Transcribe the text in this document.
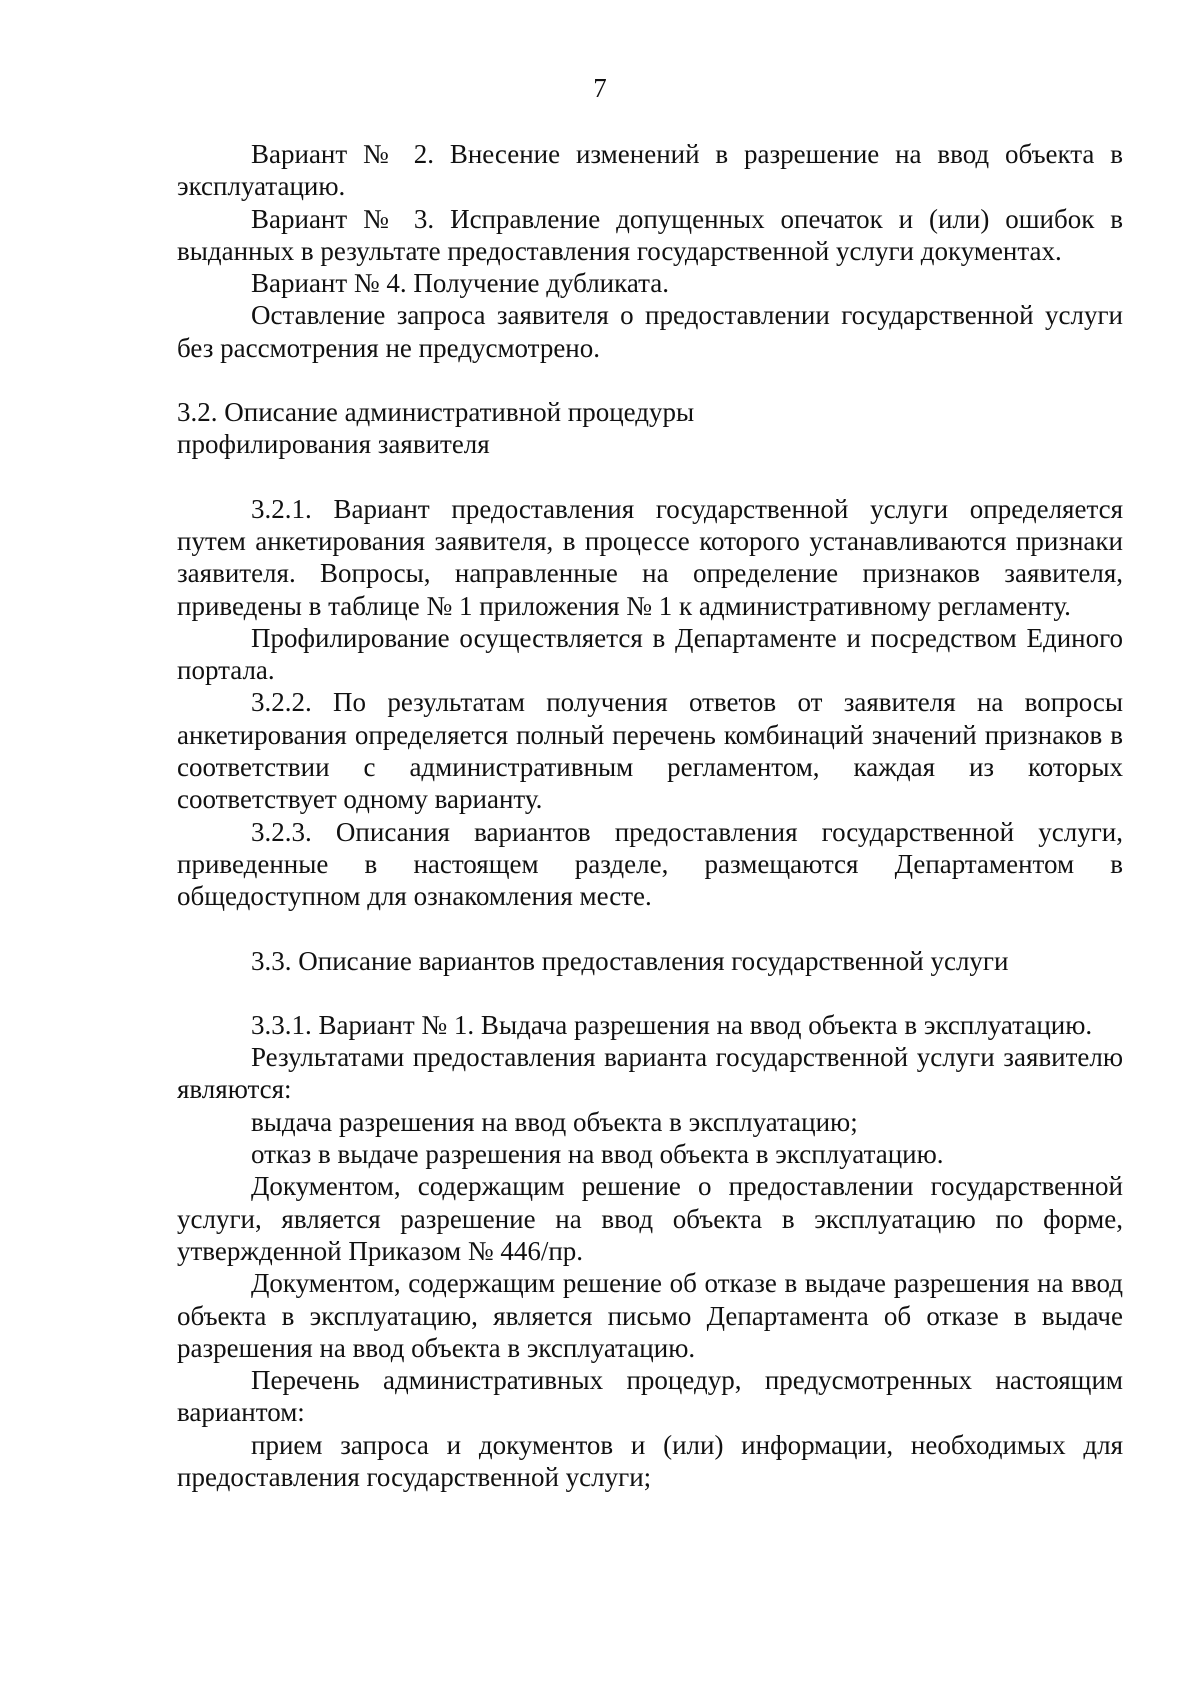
7

Вариант № 2. Внесение изменений в разрешение на ввод объекта в эксплуатацию.

Вариант № 3. Исправление допущенных опечаток и (или) ошибок в выданных в результате предоставления государственной услуги документах.

Вариант № 4. Получение дубликата.

Оставление запроса заявителя о предоставлении государственной услуги без рассмотрения не предусмотрено.

3.2. Описание административной процедуры

профилирования заявителя

3.2.1. Вариант предоставления государственной услуги определяется путем анкетирования заявителя, в процессе которого устанавливаются признаки заявителя. Вопросы, направленные на определение признаков заявителя, приведены в таблице № 1 приложения № 1 к административному регламенту.

Профилирование осуществляется в Департаменте и посредством Единого портала.

3.2.2. По результатам получения ответов от заявителя на вопросы анкетирования определяется полный перечень комбинаций значений признаков в соответствии с административным регламентом, каждая из которых соответствует одному варианту.

3.2.3. Описания вариантов предоставления государственной услуги, приведенные в настоящем разделе, размещаются Департаментом в общедоступном для ознакомления месте.

3.3. Описание вариантов предоставления государственной услуги

3.3.1. Вариант № 1. Выдача разрешения на ввод объекта в эксплуатацию.

Результатами предоставления варианта государственной услуги заявителю являются:

выдача разрешения на ввод объекта в эксплуатацию;

отказ в выдаче разрешения на ввод объекта в эксплуатацию.

Документом, содержащим решение о предоставлении государственной услуги, является разрешение на ввод объекта в эксплуатацию по форме, утвержденной Приказом № 446/пр.

Документом, содержащим решение об отказе в выдаче разрешения на ввод объекта в эксплуатацию, является письмо Департамента об отказе в выдаче разрешения на ввод объекта в эксплуатацию.

Перечень административных процедур, предусмотренных настоящим вариантом:

прием запроса и документов и (или) информации, необходимых для предоставления государственной услуги;
